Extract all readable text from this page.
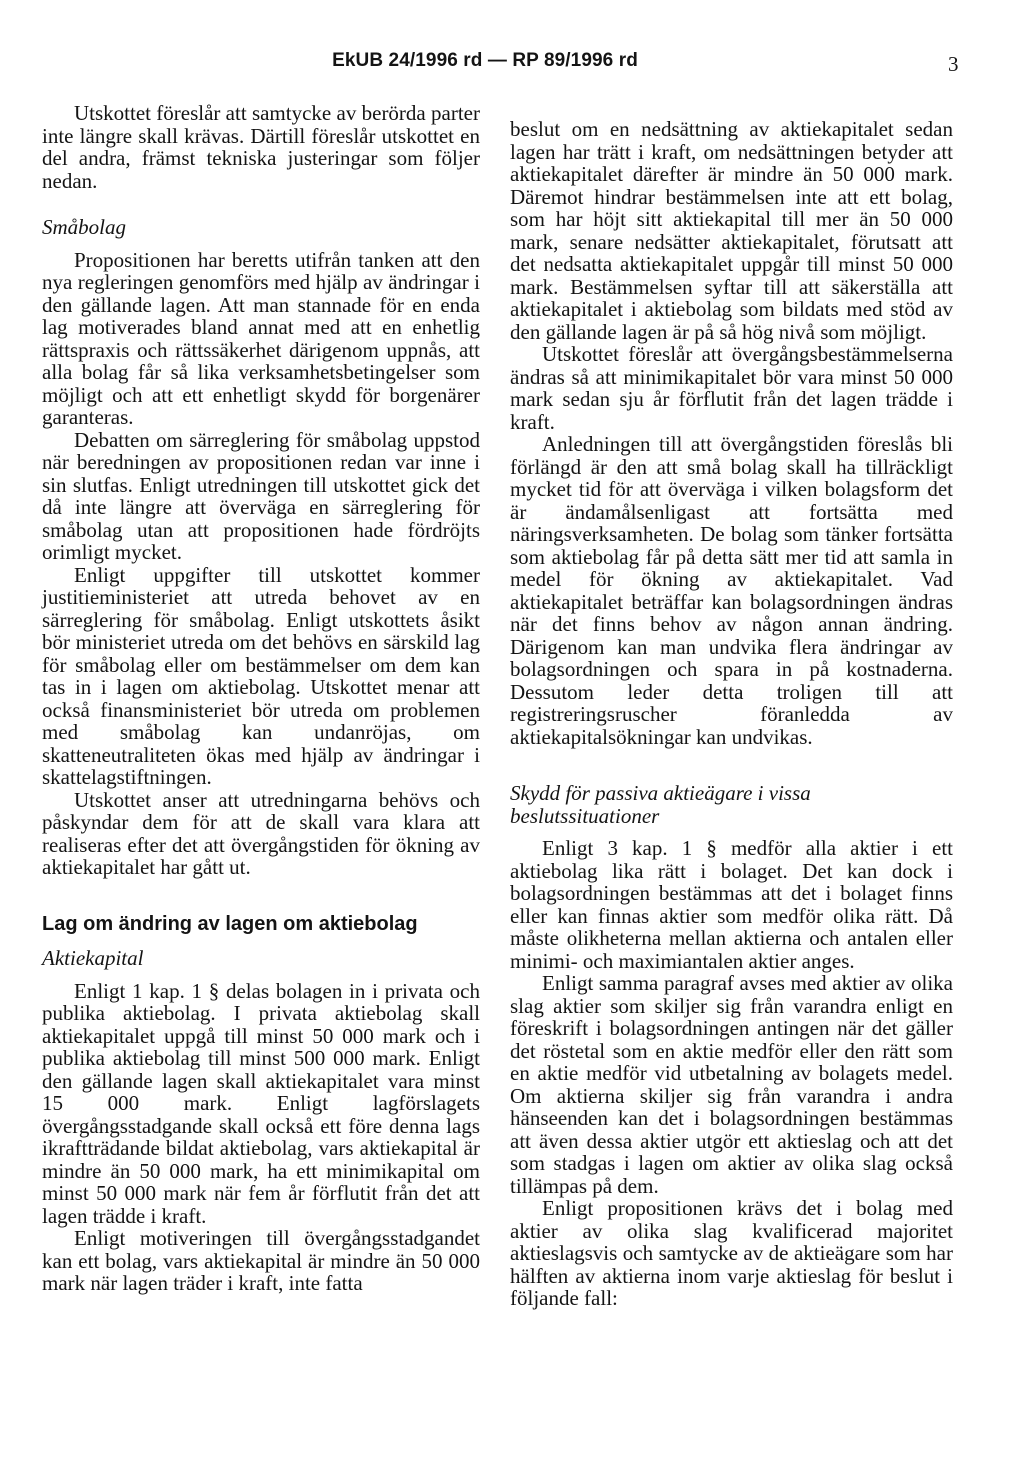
EkUB 24/1996 rd — RP 89/1996 rd	3

Utskottet föreslår att samtycke av berörda parter inte längre skall krävas. Därtill föreslår utskottet en del andra, främst tekniska justeringar som följer nedan.

Småbolag

Propositionen har beretts utifrån tanken att den nya regleringen genomförs med hjälp av ändringar i den gällande lagen. Att man stannade för en enda lag motiverades bland annat med att en enhetlig rättspraxis och rättssäkerhet därigenom uppnås, att alla bolag får så lika verksamhetsbetingelser som möjligt och att ett enhetligt skydd för borgenärer garanteras.

Debatten om särreglering för småbolag uppstod när beredningen av propositionen redan var inne i sin slutfas. Enligt utredningen till utskottet gick det då inte längre att överväga en särreglering för småbolag utan att propositionen hade fördröjts orimligt mycket.

Enligt uppgifter till utskottet kommer justitieministeriet att utreda behovet av en särreglering för småbolag. Enligt utskottets åsikt bör ministeriet utreda om det behövs en särskild lag för småbolag eller om bestämmelser om dem kan tas in i lagen om aktiebolag. Utskottet menar att också finansministeriet bör utreda om problemen med småbolag kan undanröjas, om skatteneutraliteten ökas med hjälp av ändringar i skattelagstiftningen.

Utskottet anser att utredningarna behövs och påskyndar dem för att de skall vara klara att realiseras efter det att övergångstiden för ökning av aktiekapitalet har gått ut.

Lag om ändring av lagen om aktiebolag

Aktiekapital

Enligt 1 kap. 1 § delas bolagen in i privata och publika aktiebolag. I privata aktiebolag skall aktiekapitalet uppgå till minst 50 000 mark och i publika aktiebolag till minst 500 000 mark. Enligt den gällande lagen skall aktiekapitalet vara minst 15 000 mark. Enligt lagförslagets övergångsstadgande skall också ett före denna lags ikraftträdande bildat aktiebolag, vars aktiekapital är mindre än 50 000 mark, ha ett minimikapital om minst 50 000 mark när fem år förflutit från det att lagen trädde i kraft.

Enligt motiveringen till övergångsstadgandet kan ett bolag, vars aktiekapital är mindre än 50 000 mark när lagen träder i kraft, inte fatta

beslut om en nedsättning av aktiekapitalet sedan lagen har trätt i kraft, om nedsättningen betyder att aktiekapitalet därefter är mindre än 50 000 mark. Däremot hindrar bestämmelsen inte att ett bolag, som har höjt sitt aktiekapital till mer än 50 000 mark, senare nedsätter aktiekapitalet, förutsatt att det nedsatta aktiekapitalet uppgår till minst 50 000 mark. Bestämmelsen syftar till att säkerställa att aktiekapitalet i aktiebolag som bildats med stöd av den gällande lagen är på så hög nivå som möjligt.

Utskottet föreslår att övergångsbestämmelserna ändras så att minimikapitalet bör vara minst 50 000 mark sedan sju år förflutit från det lagen trädde i kraft.

Anledningen till att övergångstiden föreslås bli förlängd är den att små bolag skall ha tillräckligt mycket tid för att överväga i vilken bolagsform det är ändamålsenligast att fortsätta med näringsverksamheten. De bolag som tänker fortsätta som aktiebolag får på detta sätt mer tid att samla in medel för ökning av aktiekapitalet. Vad aktiekapitalet beträffar kan bolagsordningen ändras när det finns behov av någon annan ändring. Därigenom kan man undvika flera ändringar av bolagsordningen och spara in på kostnaderna. Dessutom leder detta troligen till att registreringsruscher föranledda av aktiekapitalsökningar kan undvikas.

Skydd för passiva aktieägare i vissa

beslutssituationer

Enligt 3 kap. 1 § medför alla aktier i ett aktiebolag lika rätt i bolaget. Det kan dock i bolagsordningen bestämmas att det i bolaget finns eller kan finnas aktier som medför olika rätt. Då måste olikheterna mellan aktierna och antalen eller minimi- och maximiantalen aktier anges.

Enligt samma paragraf avses med aktier av olika slag aktier som skiljer sig från varandra enligt en föreskrift i bolagsordningen antingen när det gäller det röstetal som en aktie medför eller den rätt som en aktie medför vid utbetalning av bolagets medel. Om aktierna skiljer sig från varandra i andra hänseenden kan det i bolagsordningen bestämmas att även dessa aktier utgör ett aktieslag och att det som stadgas i lagen om aktier av olika slag också tillämpas på dem.

Enligt propositionen krävs det i bolag med aktier av olika slag kvalificerad majoritet aktieslagsvis och samtycke av de aktieägare som har hälften av aktierna inom varje aktieslag för beslut i följande fall:
